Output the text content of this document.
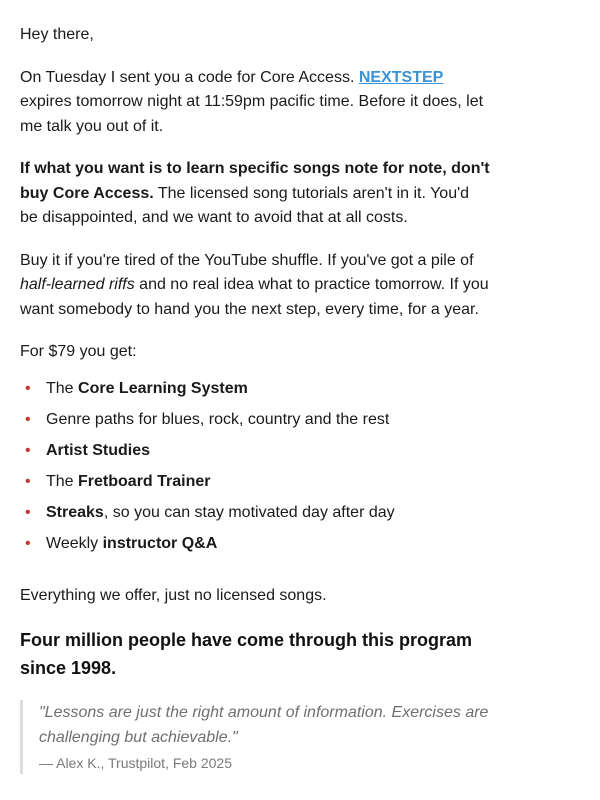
Hey there,

On Tuesday I sent you a code for Core Access. NEXTSTEP expires tomorrow night at 11:59pm pacific time. Before it does, let me talk you out of it.

If what you want is to learn specific songs note for note, don't buy Core Access. The licensed song tutorials aren't in it. You'd be disappointed, and we want to avoid that at all costs.

Buy it if you're tired of the YouTube shuffle. If you've got a pile of half-learned riffs and no real idea what to practice tomorrow. If you want somebody to hand you the next step, every time, for a year.

For $79 you get:

• The Core Learning System
• Genre paths for blues, rock, country and the rest
• Artist Studies
• The Fretboard Trainer
• Streaks, so you can stay motivated day after day
• Weekly instructor Q&A

Everything we offer, just no licensed songs.

Four million people have come through this program since 1998.
"Lessons are just the right amount of information. Exercises are challenging but achievable."
— Alex K., Trustpilot, Feb 2025
